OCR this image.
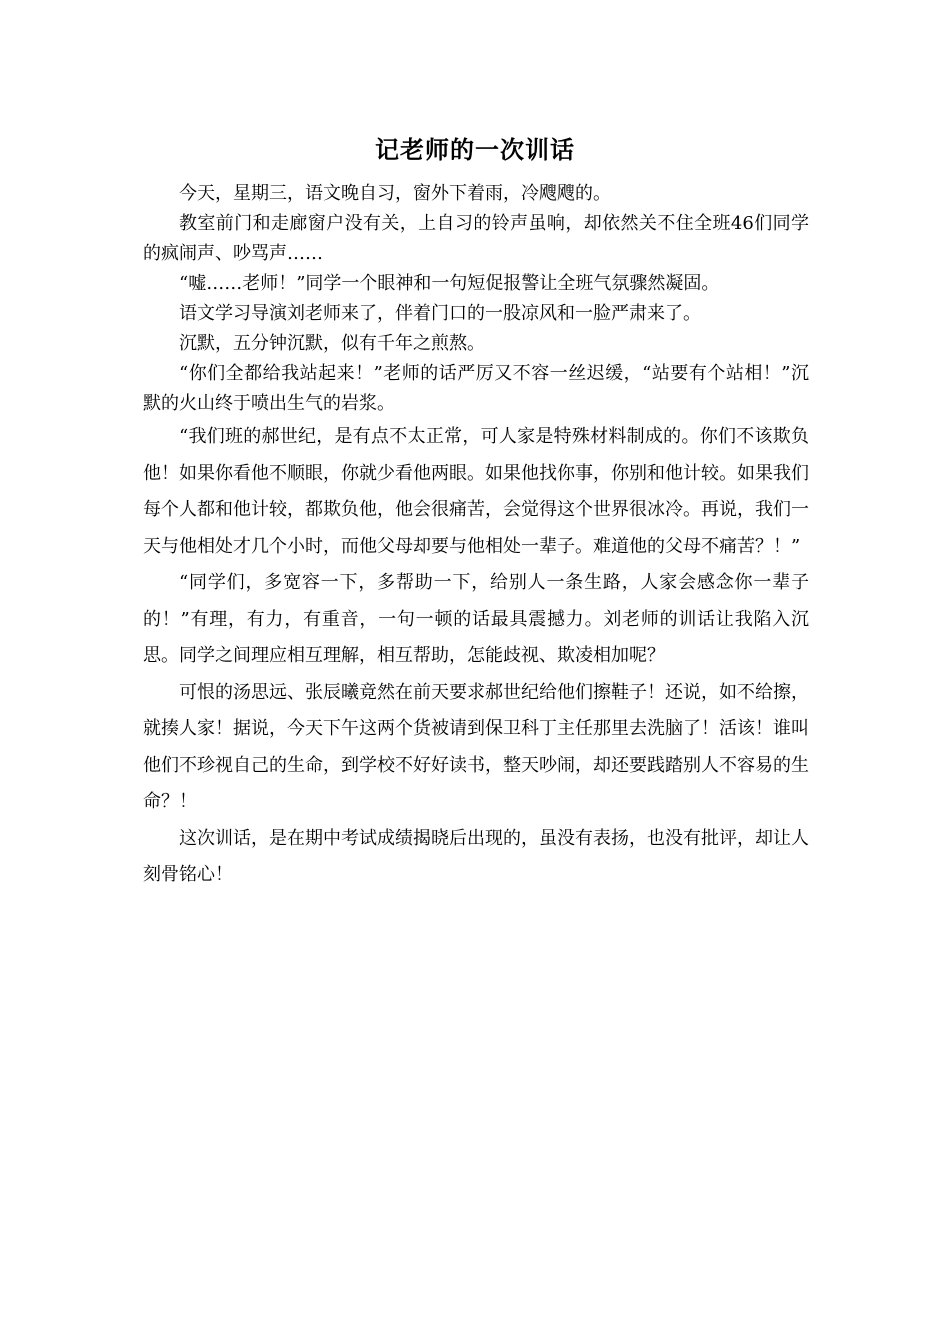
记老师的一次训话

今天，星期三，语文晚自习，窗外下着雨，冷飕飕的。

教室前门和走廊窗户没有关，上自习的铃声虽响，却依然关不住全班46们同学的疯闹声、吵骂声……

“嘘……老师！”同学一个眼神和一句短促报警让全班气氛骤然凝固。

语文学习导演刘老师来了，伴着门口的一股凉风和一脸严肃来了。

沉默，五分钟沉默，似有千年之煎熬。

“你们全都给我站起来！”老师的话严厉又不容一丝迟缓，“站要有个站相！”沉默的火山终于喷出生气的岩浆。

“我们班的郝世纪，是有点不太正常，可人家是特殊材料制成的。你们不该欺负他！如果你看他不顺眼，你就少看他两眼。如果他找你事，你别和他计较。如果我们每个人都和他计较，都欺负他，他会很痛苦，会觉得这个世界很冰冷。再说，我们一天与他相处才几个小时，而他父母却要与他相处一辈子。难道他的父母不痛苦？！”

“同学们，多宽容一下，多帮助一下，给别人一条生路，人家会感念你一辈子的！”有理，有力，有重音，一句一顿的话最具震撼力。刘老师的训话让我陷入沉思。同学之间理应相互理解，相互帮助，怎能歧视、欺凌相加呢？

可恨的汤思远、张辰曦竟然在前天要求郝世纪给他们擦鞋子！还说，如不给擦，就揍人家！据说，今天下午这两个货被请到保卫科丁主任那里去洗脑了！活该！谁叫他们不珍视自己的生命，到学校不好好读书，整天吵闹，却还要践踏别人不容易的生命？！

这次训话，是在期中考试成绩揭晓后出现的，虽没有表扬，也没有批评，却让人刻骨铭心！
